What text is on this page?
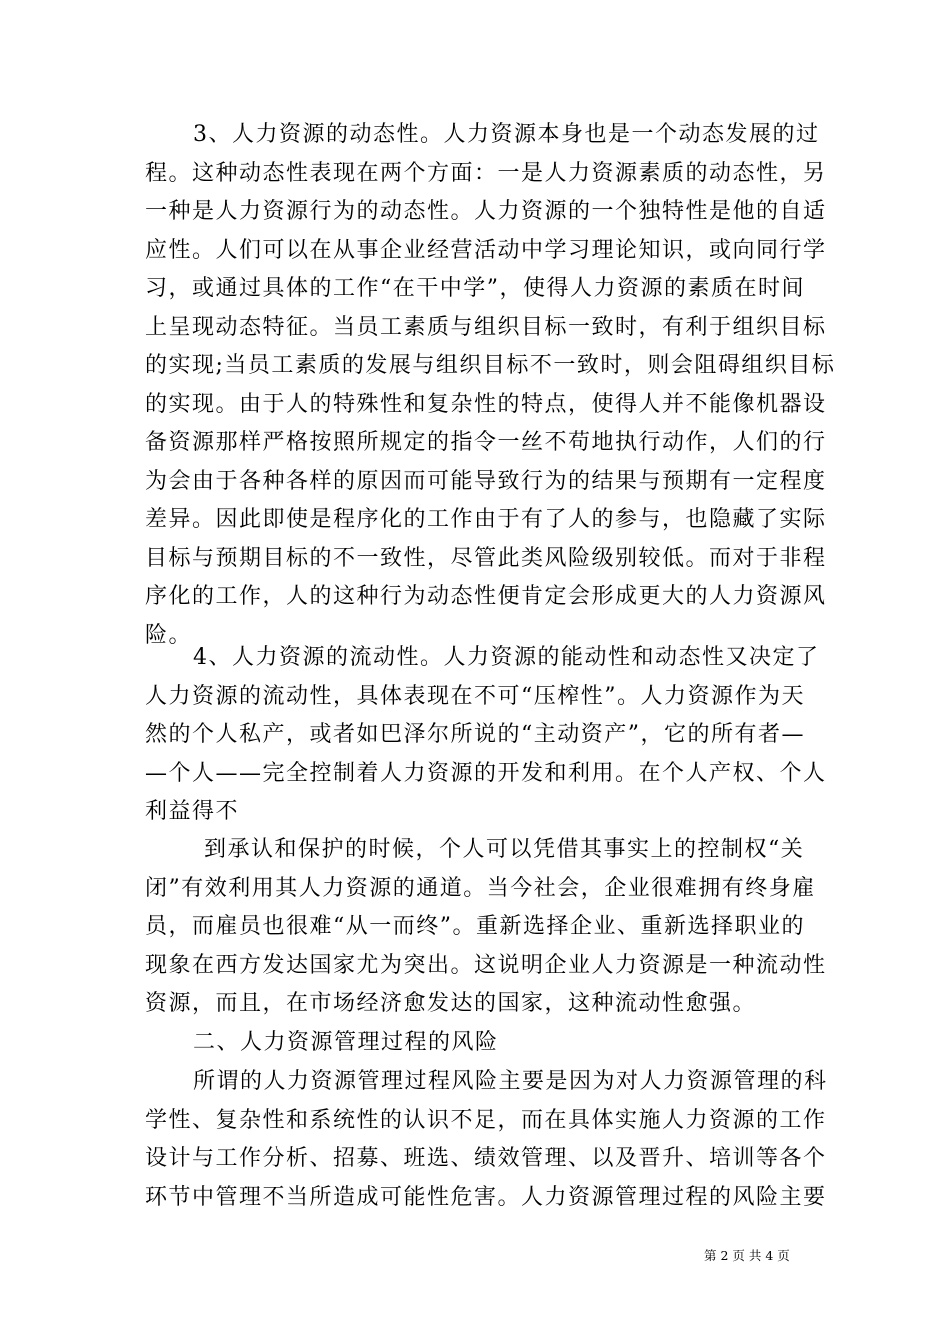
3、人力资源的动态性。人力资源本身也是一个动态发展的过
程。这种动态性表现在两个方面：一是人力资源素质的动态性，另
一种是人力资源行为的动态性。人力资源的一个独特性是他的自适
应性。人们可以在从事企业经营活动中学习理论知识，或向同行学
习，或通过具体的工作“在干中学”，使得人力资源的素质在时间
上呈现动态特征。当员工素质与组织目标一致时，有利于组织目标
的实现;当员工素质的发展与组织目标不一致时，则会阻碍组织目标
的实现。由于人的特殊性和复杂性的特点，使得人并不能像机器设
备资源那样严格按照所规定的指令一丝不苟地执行动作，人们的行
为会由于各种各样的原因而可能导致行为的结果与预期有一定程度
差异。因此即使是程序化的工作由于有了人的参与，也隐藏了实际
目标与预期目标的不一致性，尽管此类风险级别较低。而对于非程
序化的工作，人的这种行为动态性便肯定会形成更大的人力资源风
险。
4、人力资源的流动性。人力资源的能动性和动态性又决定了
人力资源的流动性，具体表现在不可“压榨性”。人力资源作为天
然的个人私产，或者如巴泽尔所说的“主动资产”，它的所有者—
—个人——完全控制着人力资源的开发和利用。在个人产权、个人
利益得不
到承认和保护的时候，个人可以凭借其事实上的控制权“关
闭”有效利用其人力资源的通道。当今社会，企业很难拥有终身雇
员，而雇员也很难“从一而终”。重新选择企业、重新选择职业的
现象在西方发达国家尤为突出。这说明企业人力资源是一种流动性
资源，而且，在市场经济愈发达的国家，这种流动性愈强。
二、人力资源管理过程的风险
所谓的人力资源管理过程风险主要是因为对人力资源管理的科
学性、复杂性和系统性的认识不足，而在具体实施人力资源的工作
设计与工作分析、招募、班选、绩效管理、以及晋升、培训等各个
环节中管理不当所造成可能性危害。人力资源管理过程的风险主要
第 2 页 共 4 页
